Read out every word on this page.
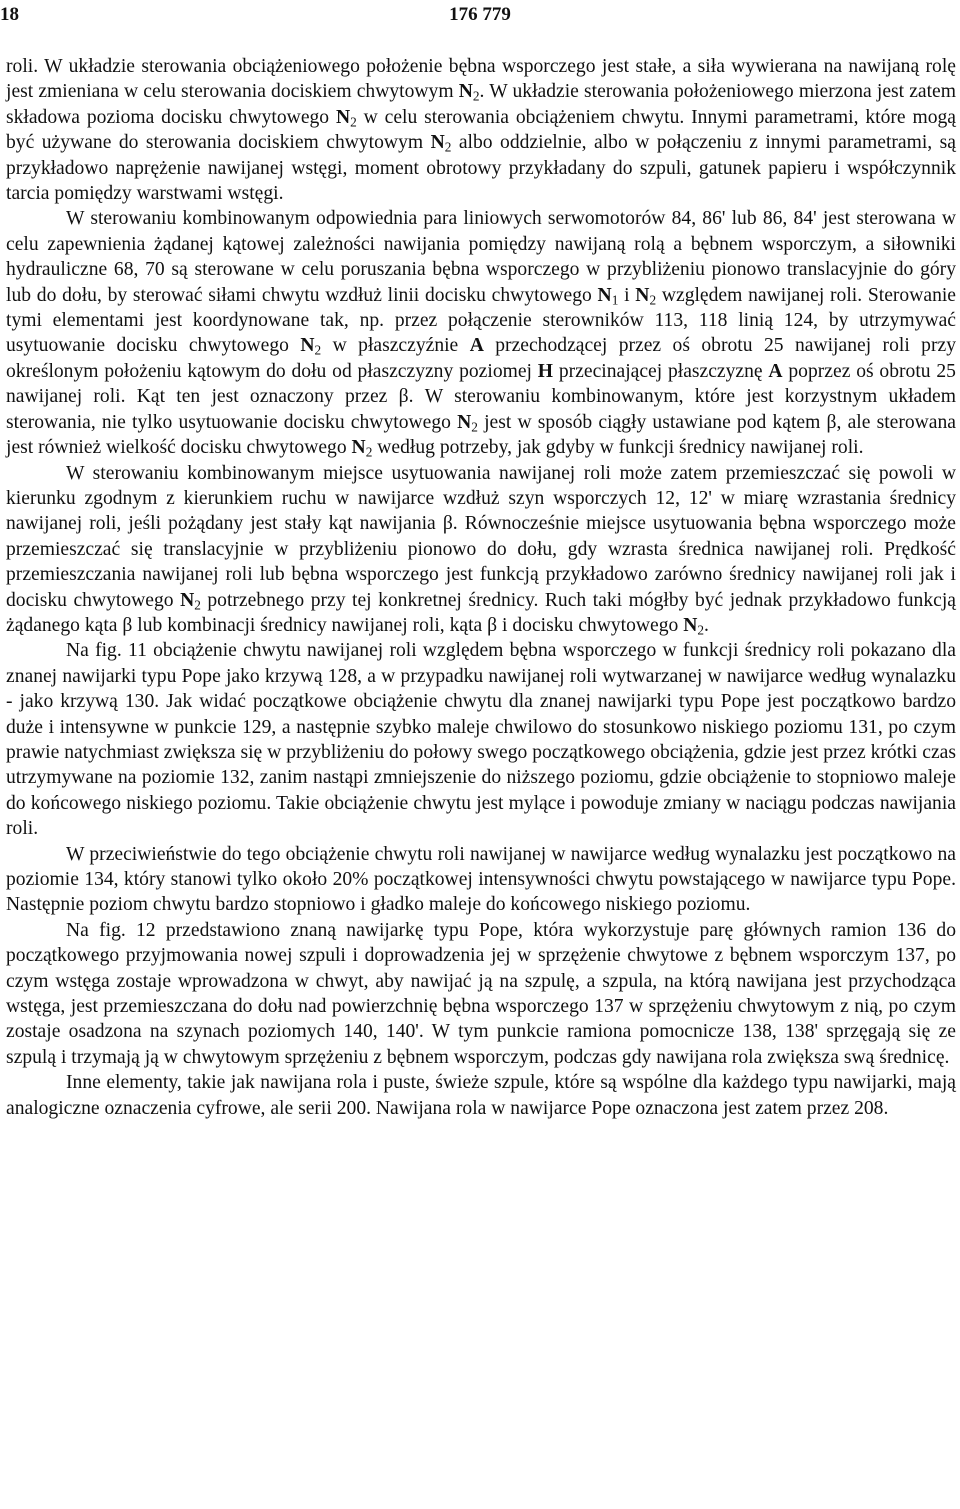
18	176 779

roli. W układzie sterowania obciążeniowego położenie bębna wsporczego jest stałe, a siła wywierana na nawijaną rolę jest zmieniana w celu sterowania dociskiem chwytowym $N_2$. W układzie sterowania położeniowego mierzona jest zatem składowa pozioma docisku chwytowego $N_2$ w celu sterowania obciążeniem chwytu. Innymi parametrami, które mogą być używane do sterowania dociskiem chwytowym $N_2$ albo oddzielnie, albo w połączeniu z innymi parametrami, są przykładowo naprężenie nawijanej wstęgi, moment obrotowy przykładany do szpuli, gatunek papieru i współczynnik tarcia pomiędzy warstwami wstęgi.

W sterowaniu kombinowanym odpowiednia para liniowych serwomotorów 84, 86' lub 86, 84' jest sterowana w celu zapewnienia żądanej kątowej zależności nawijania pomiędzy nawijaną rolą a bębnem wsporczym, a siłowniki hydrauliczne 68, 70 są sterowane w celu poruszania bębna wsporczego w przybliżeniu pionowo translacyjnie do góry lub do dołu, by sterować siłami chwytu wzdłuż linii docisku chwytowego $N_1$ i $N_2$ względem nawijanej roli. Sterowanie tymi elementami jest koordynowane tak, np. przez połączenie sterowników 113, 118 linią 124, by utrzymywać usytuowanie docisku chwytowego $N_2$ w płaszczyźnie A przechodzącej przez oś obrotu 25 nawijanej roli przy określonym położeniu kątowym do dołu od płaszczyzny poziomej H przecinającej płaszczyznę A poprzez oś obrotu 25 nawijanej roli. Kąt ten jest oznaczony przez β. W sterowaniu kombinowanym, które jest korzystnym układem sterowania, nie tylko usytuowanie docisku chwytowego $N_2$ jest w sposób ciągły ustawiane pod kątem β, ale sterowana jest również wielkość docisku chwytowego $N_2$ według potrzeby, jak gdyby w funkcji średnicy nawijanej roli.

W sterowaniu kombinowanym miejsce usytuowania nawijanej roli może zatem przemieszczać się powoli w kierunku zgodnym z kierunkiem ruchu w nawijarce wzdłuż szyn wsporczych 12, 12' w miarę wzrastania średnicy nawijanej roli, jeśli pożądany jest stały kąt nawijania β. Równocześnie miejsce usytuowania bębna wsporczego może przemieszczać się translacyjnie w przybliżeniu pionowo do dołu, gdy wzrasta średnica nawijanej roli. Prędkość przemieszczania nawijanej roli lub bębna wsporczego jest funkcją przykładowo zarówno średnicy nawijanej roli jak i docisku chwytowego $N_2$ potrzebnego przy tej konkretnej średnicy. Ruch taki mógłby być jednak przykładowo funkcją żądanego kąta β lub kombinacji średnicy nawijanej roli, kąta β i docisku chwytowego $N_2$.

Na fig. 11 obciążenie chwytu nawijanej roli względem bębna wsporczego w funkcji średnicy roli pokazano dla znanej nawijarki typu Pope jako krzywą 128, a w przypadku nawijanej roli wytwarzanej w nawijarce według wynalazku - jako krzywą 130. Jak widać początkowe obciążenie chwytu dla znanej nawijarki typu Pope jest początkowo bardzo duże i intensywne w punkcie 129, a następnie szybko maleje chwilowo do stosunkowo niskiego poziomu 131, po czym prawie natychmiast zwiększa się w przybliżeniu do połowy swego początkowego obciążenia, gdzie jest przez krótki czas utrzymywane na poziomie 132, zanim nastąpi zmniejszenie do niższego poziomu, gdzie obciążenie to stopniowo maleje do końcowego niskiego poziomu. Takie obciążenie chwytu jest mylące i powoduje zmiany w naciągu podczas nawijania roli.

W przeciwieństwie do tego obciążenie chwytu roli nawijanej w nawijarce według wynalazku jest początkowo na poziomie 134, który stanowi tylko około 20% początkowej intensywności chwytu powstającego w nawijarce typu Pope. Następnie poziom chwytu bardzo stopniowo i gładko maleje do końcowego niskiego poziomu.

Na fig. 12 przedstawiono znaną nawijarkę typu Pope, która wykorzystuje parę głównych ramion 136 do początkowego przyjmowania nowej szpuli i doprowadzenia jej w sprzężenie chwytowe z bębnem wsporczym 137, po czym wstęga zostaje wprowadzona w chwyt, aby nawijać ją na szpulę, a szpula, na którą nawijana jest przychodząca wstęga, jest przemieszczana do dołu nad powierzchnię bębna wsporczego 137 w sprzężeniu chwytowym z nią, po czym zostaje osadzona na szynach poziomych 140, 140'. W tym punkcie ramiona pomocnicze 138, 138' sprzęgają się ze szpulą i trzymają ją w chwytowym sprzężeniu z bębnem wsporczym, podczas gdy nawijana rola zwiększa swą średnicę.

Inne elementy, takie jak nawijana rola i puste, świeże szpule, które są wspólne dla każdego typu nawijarki, mają analogiczne oznaczenia cyfrowe, ale serii 200. Nawijana rola w nawijarce Pope oznaczona jest zatem przez 208.
